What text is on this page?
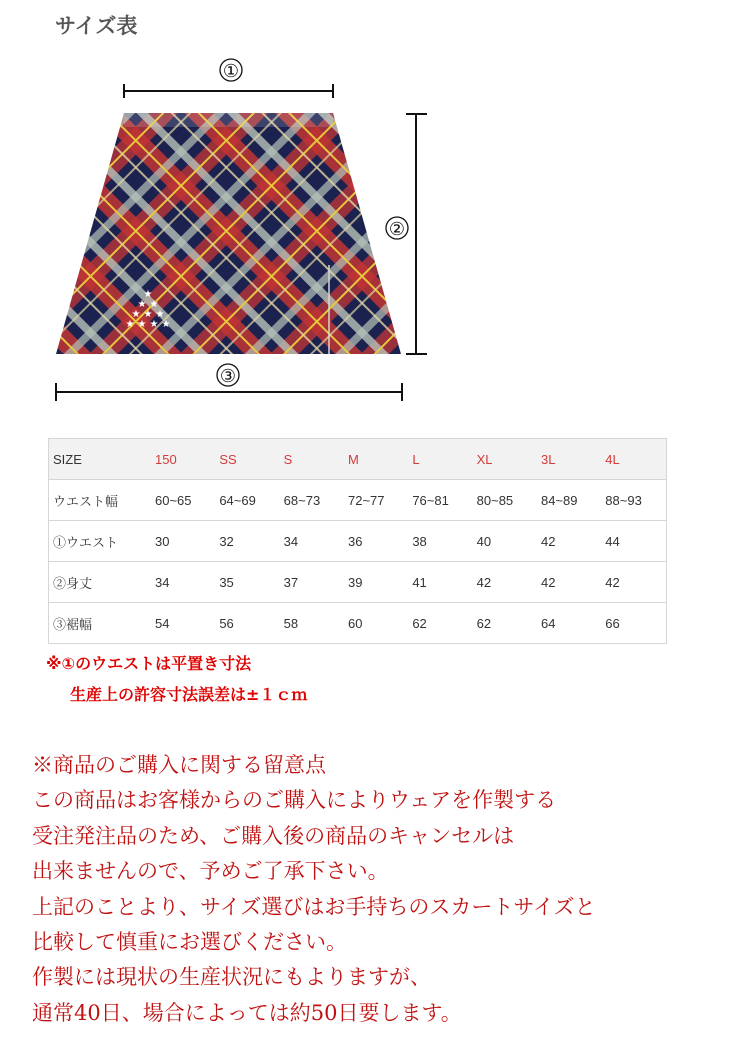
サイズ表
①
★
★ ★
★ ★ ★
★ ★ ★ ★
②
③
SIZE	150	SS	S	M	L	XL	3L	4L
ウエスト幅	60~65	64~69	68~73	72~77	76~81	80~85	84~89	88~93
①ウエスト	30	32	34	36	38	40	42	44
②身丈	34	35	37	39	41	42	42	42
③裾幅	54	56	58	60	62	62	64	66
※①のウエストは平置き寸法
生産上の許容寸法誤差は±１ｃｍ
※商品のご購入に関する留意点
この商品はお客様からのご購入によりウェアを作製する
受注発注品のため、ご購入後の商品のキャンセルは
出来ませんので、予めご了承下さい。
上記のことより、サイズ選びはお手持ちのスカートサイズと
比較して慎重にお選びください。
作製には現状の生産状況にもよりますが、
通常40日、場合によっては約50日要します。
